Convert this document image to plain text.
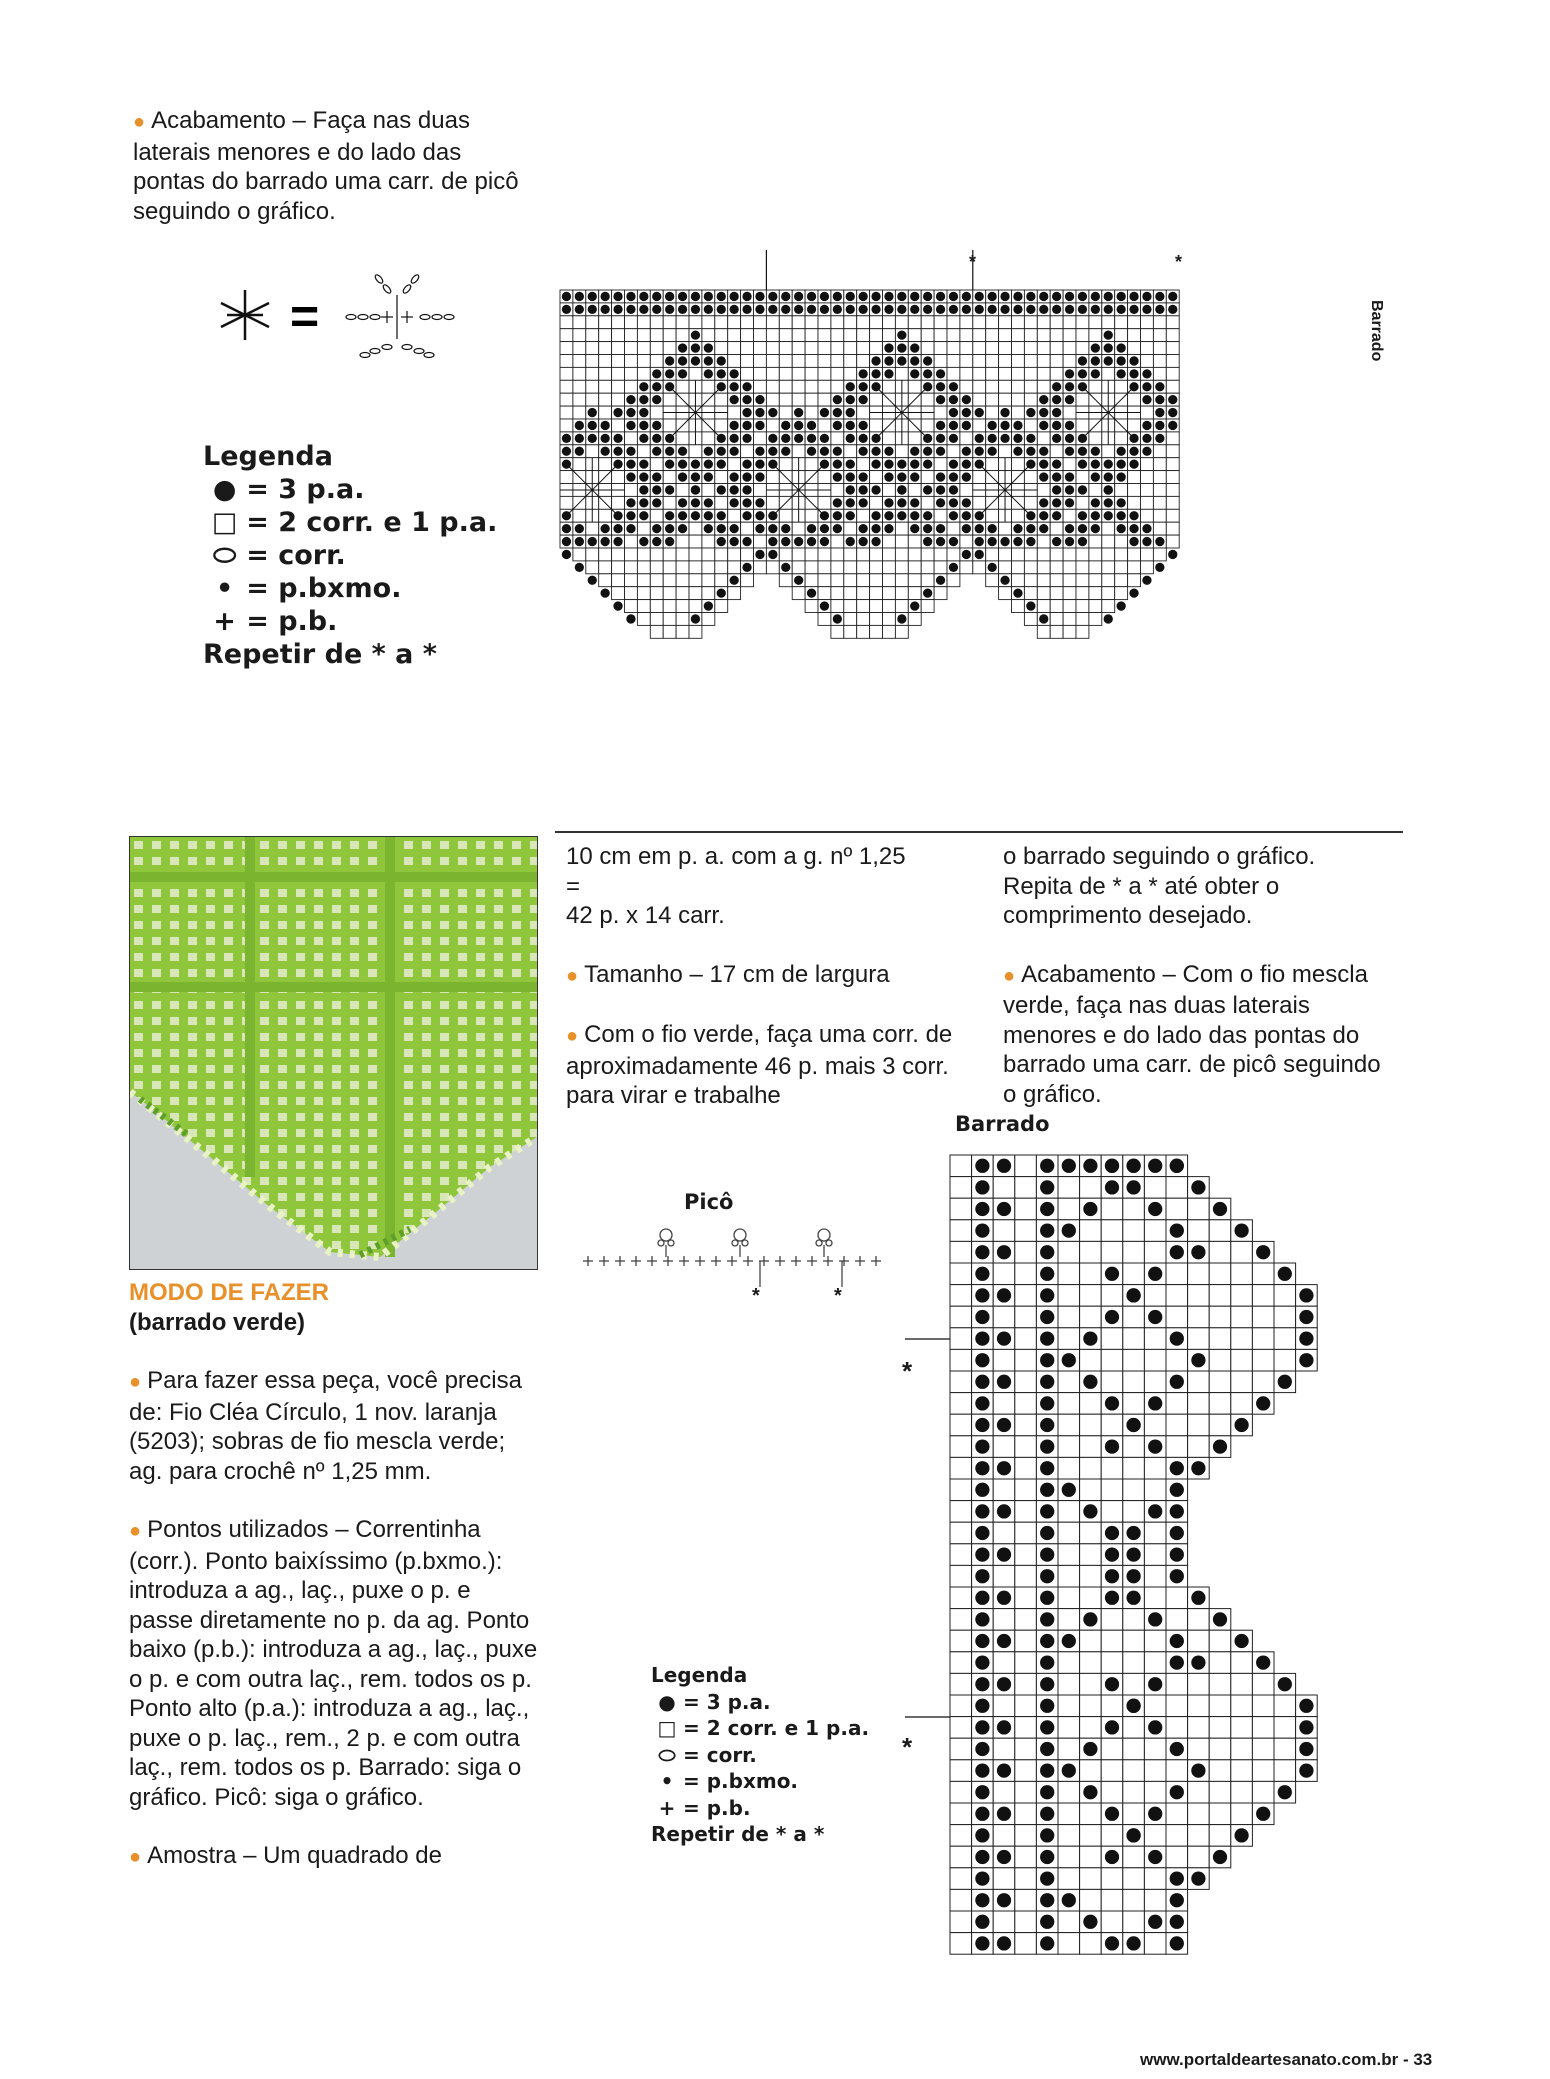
● Acabamento – Faça nas duas laterais menores e do lado das pontas do barrado uma carr. de picô seguindo o gráfico.
=
Legenda
● = 3 p.a.
□ = 2 corr. e 1 p.a.
⬭ = corr.
• = p.bxmo.
+ = p.b.
Repetir de * a *
Barrado
*	*
MODO DE FAZER
(barrado verde)

● Para fazer essa peça, você precisa de: Fio Cléa Círculo, 1 nov. laranja (5203); sobras de fio mescla verde; ag. para crochê nº 1,25 mm.

● Pontos utilizados – Correntinha (corr.). Ponto baixíssimo (p.bxmo.): introduza a ag., laç., puxe o p. e passe diretamente no p. da ag. Ponto baixo (p.b.): introduza a ag., laç., puxe o p. e com outra laç., rem. todos os p. Ponto alto (p.a.): introduza a ag., laç., puxe o p. laç., rem., 2 p. e com outra laç., rem. todos os p. Barrado: siga o gráfico. Picô: siga o gráfico.

● Amostra – Um quadrado de

10 cm em p. a. com a g. nº 1,25
=
42 p. x 14 carr.

● Tamanho – 17 cm de largura

● Com o fio verde, faça uma corr. de aproximadamente 46 p. mais 3 corr. para virar e trabalhe

o barrado seguindo o gráfico. Repita de * a * até obter o comprimento desejado.

● Acabamento – Com o fio mescla verde, faça nas duas laterais menores e do lado das pontas do barrado uma carr. de picô seguindo o gráfico.

Picô
*	*
Barrado
*
*
Legenda
● = 3 p.a.
□ = 2 corr. e 1 p.a.
⬭ = corr.
• = p.bxmo.
+ = p.b.
Repetir de * a *
www.portaldeartesanato.com.br - 33
